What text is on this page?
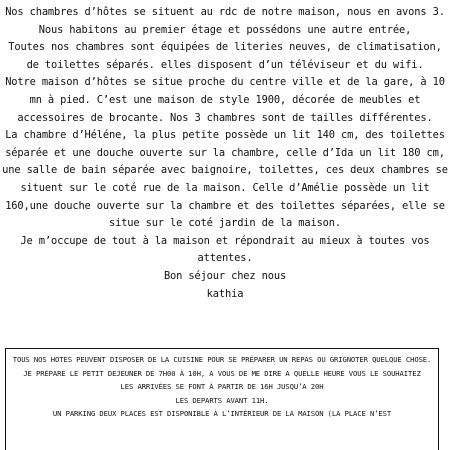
Nos chambres d’hôtes se situent au rdc de notre maison, nous en avons 3.

Nous habitons au premier étage et possédons une autre entrée,

Toutes nos chambres sont équipées de literies neuves, de climatisation, de toilettes séparés. elles disposent d’un téléviseur et du wifi.

Notre maison d’hôtes se situe proche du centre ville et de la gare, à 10 mn à pied. C’est une maison de style 1900, décorée de meubles et accessoires de brocante. Nos 3 chambres sont de tailles différentes.

La chambre d’Héléne, la plus petite possède un lit 140 cm, des toilettes séparée et une douche ouverte sur la chambre, celle d’Ida un lit 180 cm, une salle de bain séparée avec baignoire, toilettes, ces deux chambres se situent sur le coté rue de la maison. Celle d’Amélie possède un lit 160,une douche ouverte sur la chambre et des toilettes séparées, elle se situe sur le coté jardin de la maison.

Je m’occupe de tout à la maison et répondrait au mieux à toutes vos attentes.

Bon séjour chez nous

kathia

TOUS NOS HOTES PEUVENT DISPOSER DE LA CUISINE POUR SE PRÉPARER UN REPAS OU GRIGNOTER QUELQUE CHOSE.

JE PRÉPARE LE PETIT DEJEUNER DE 7H00 À 10H, A VOUS DE ME DIRE A QUELLE HEURE VOUS LE SOUHAITEZ

LES ARRIVÉES SE FONT À PARTIR DE 16H JUSQU’A 20H

LES DEPARTS AVANT 11H.

UN PARKING DEUX PLACES EST DISPONIBLE À L’INTÉRIEUR DE LA MAISON (LA PLACE N’EST
